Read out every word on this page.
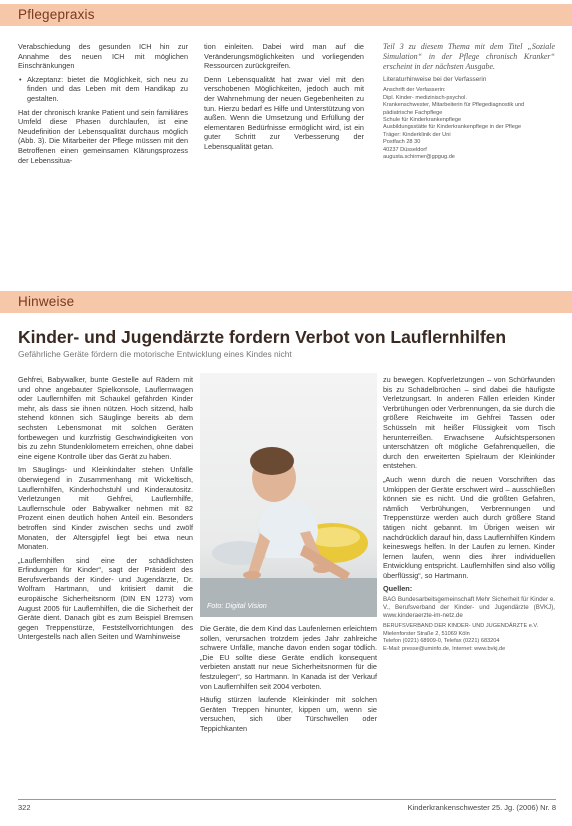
Pflegepraxis

Verabschiedung des gesunden ICH hin zur Annahme des neuen ICH mit möglichen Einschränkungen

• Akzeptanz: bietet die Möglichkeit, sich neu zu finden und das Leben mit dem Handikap zu gestalten.

Hat der chronisch kranke Patient und sein familiäres Umfeld diese Phasen durchlaufen, ist eine Neudefinition der Lebensqualität durchaus möglich (Abb. 3). Die Mitarbeiter der Pflege müssen mit den Betroffenen einen gemeinsamen Klärungsprozess der Lebenssitua-

tion einleiten. Dabei wird man auf die Veränderungsmöglichkeiten und vorliegenden Ressourcen zurückgreifen.

Denn Lebensqualität hat zwar viel mit den verschobenen Möglichkeiten, jedoch auch mit der Wahrnehmung der neuen Gegebenheiten zu tun. Hierzu bedarf es Hilfe und Unterstützung von außen. Wenn die Umsetzung und Erfüllung der elementaren Bedürfnisse ermöglicht wird, ist ein guter Schritt zur Verbesserung der Lebensqualität getan.

Teil 3 zu diesem Thema mit dem Titel „Soziale Simulation“ in der Pflege chronisch Kranker“ erscheint in der nächsten Ausgabe.

Literaturhinweise bei der Verfasserin

Anschrift der Verfasserin:
Dipl. Kinder- medizinisch-psychol.
Krankenschwester, Mitarbeiterin für Pflegediagnostik und
pädiatrische Fachpflege
Schule für Kinderkrankenpflege
Ausbildungsstätte für Kinderkrankenpflege in der Pflege
Träger: Kinderklinik der Uni
Postfach 28 30
40237 Düsseldorf
augusta.schirmer@gpgug.de
Hinweise
Kinder- und Jugendärzte fordern Verbot von Lauflernhilfen
Gefährliche Geräte fördern die motorische Entwicklung eines Kindes nicht

Gehfrei, Babywalker, bunte Gestelle auf Rädern mit und ohne angebauter Spielkonsole, Lauflernwagen oder Lauflernhilfen mit Schaukel gefährden Kinder mehr, als dass sie ihnen nützen. Hoch sitzend, halb stehend können sich Säuglinge bereits ab dem sechsten Lebensmonat mit solchen Geräten fortbewegen und kurzfristig Geschwindigkeiten von bis zu zehn Stundenkilometern erreichen, ohne dabei eine eigene Kontrolle über das Gerät zu haben.

Im Säuglings- und Kleinkindalter stehen Unfälle überwiegend in Zusammenhang mit Wickeltisch, Lauflernhilfen, Kinderhochstuhl und Kinderautositz. Verletzungen mit Gehfrei, Lauflernhilfe, Lauflernschule oder Babywalker nehmen mit 82 Prozent einen deutlich hohen Anteil ein. Besonders betroffen sind Kinder zwischen sechs und zwölf Monaten, der Altersgipfel liegt bei etwa neun Monaten.

„Lauflernhilfen sind eine der schädlichsten Erfindungen für Kinder“, sagt der Präsident des Berufsverbands der Kinder- und Jugendärzte, Dr. Wolfram Hartmann, und kritisiert damit die europäische Sicherheitsnorm (DIN EN 1273) vom August 2005 für Lauflernhilfen, die die Sicherheit der Geräte dient. Danach gibt es zum Beispiel Bremsen gegen Treppenstürze, Feststellvorrichtungen des Untergestells nach allen Seiten und Warnhinweise

Foto: Digital Vision

Die Geräte, die dem Kind das Laufenlernen erleichtern sollen, verursachen trotzdem jedes Jahr zahlreiche schwere Unfälle, manche davon enden sogar tödlich. „Die EU sollte diese Geräte endlich konsequent verbieten anstatt nur neue Sicherheitsnormen für die festzulegen“, so Hartmann. In Kanada ist der Verkauf von Lauflernhilfen seit 2004 verboten.

Häufig stürzen laufende Kleinkinder mit solchen Geräten Treppen hinunter, kippen um, wenn sie versuchen, sich über Türschwellen oder Teppichkanten

zu bewegen. Kopfverletzungen – von Schürfwunden bis zu Schädelbrüchen – sind dabei die häufigste Verletzungsart. In anderen Fällen erleiden Kinder Verbrühungen oder Verbrennungen, da sie durch die größere Reichweite im Gehfrei Tassen oder Schüsseln mit heißer Flüssigkeit vom Tisch herunterreißen. Erwachsene Aufsichtspersonen unterschätzen oft mögliche Gefahrenquellen, die durch den erweiterten Spielraum der Kleinkinder entstehen.

„Auch wenn durch die neuen Vorschriften das Umkippen der Geräte erschwert wird – ausschließen können sie es nicht. Und die größten Gefahren, nämlich Verbrühungen, Verbrennungen und Treppenstürze werden auch durch größere Stand tätigen nicht gebannt. Im Übrigen weisen wir nachdrücklich darauf hin, dass Lauflernhilfen Kindern keineswegs helfen. In der Laufen zu lernen. Kinder lernen laufen, wenn dies ihrer individuellen Entwicklung entspricht. Lauflernhilfen sind also völlig überflüssig“, so Hartmann.

Quellen:

BAG Bundesarbeitsgemeinschaft Mehr Sicherheit für Kinder e. V., Berufsverband der Kinder- und Jugendärzte (BVKJ), www.kinderaerzte-im-netz.de

BERUFSVERBAND DER KINDER- UND JUGENDÄRZTE e.V.
Mielenforster Straße 2, 51069 Köln
Telefon (0221) 68909-0, Telefax (0221) 683204
E-Mail: presse@uminfo.de, Internet: www.bvkj.de
322	Kinderkrankenschwester 25. Jg. (2006) Nr. 8
